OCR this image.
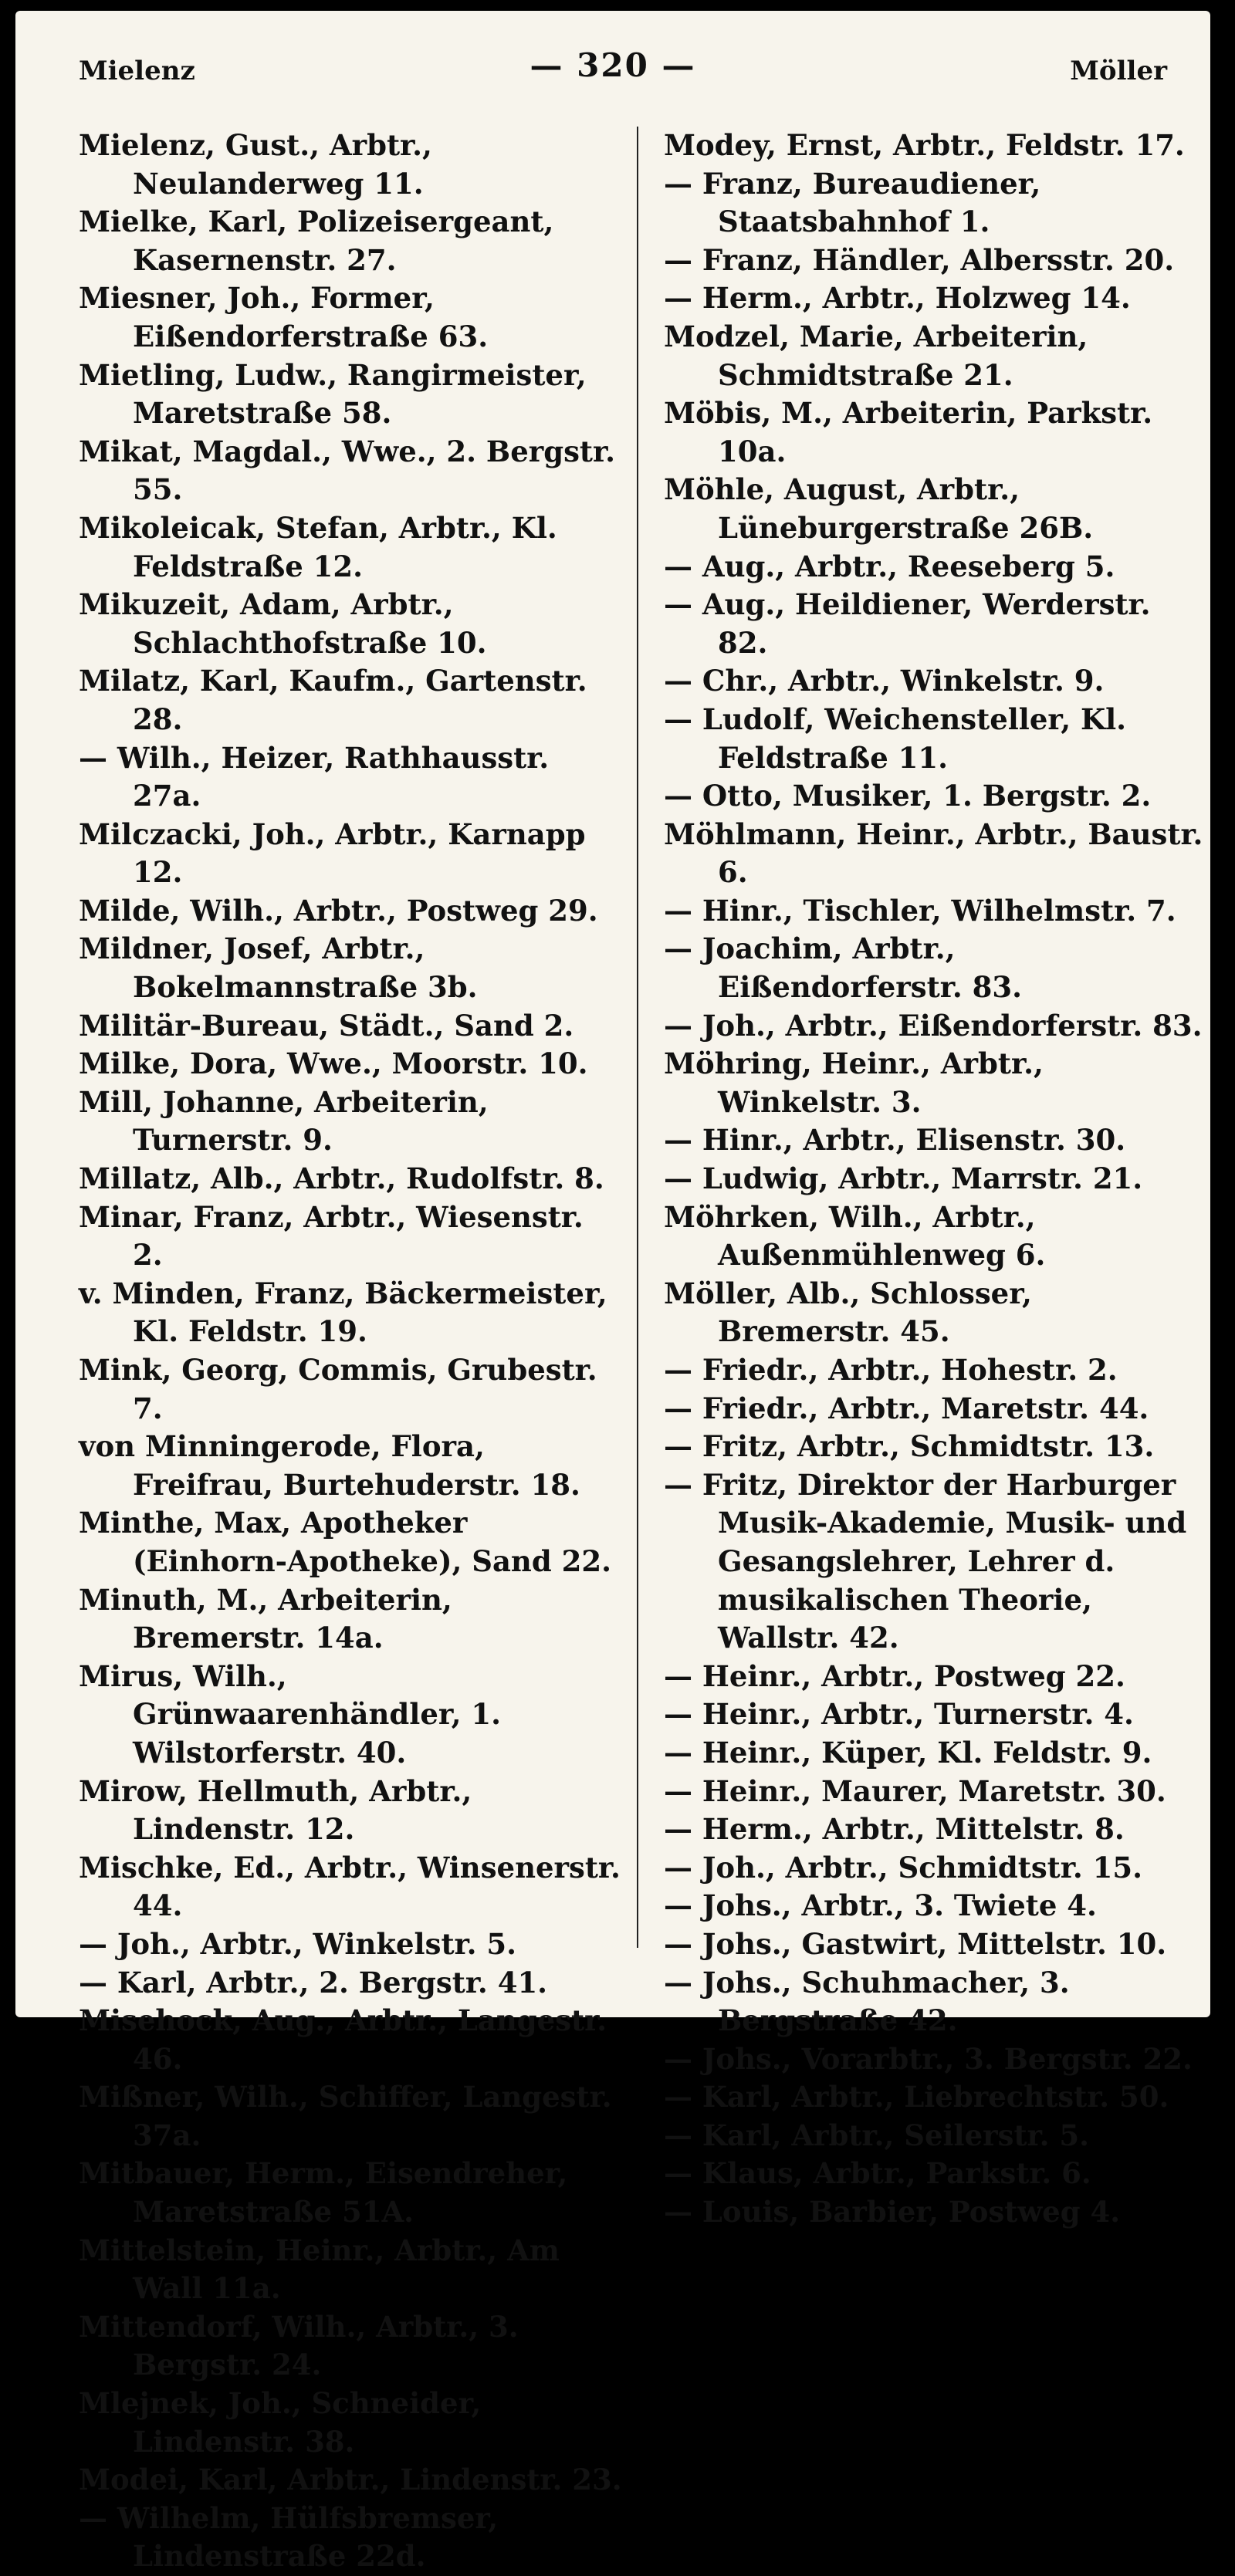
Mielenz	— 320 —	Möller

Mielenz, Gust., Arbtr., Neulanderweg 11.

Mielke, Karl, Polizeisergeant, Kasernenstr. 27.

Miesner, Joh., Former, Eißendorferstraße 63.

Mietling, Ludw., Rangirmeister, Maretstraße 58.

Mikat, Magdal., Wwe., 2. Bergstr. 55.

Mikoleicak, Stefan, Arbtr., Kl. Feldstraße 12.

Mikuzeit, Adam, Arbtr., Schlachthofstraße 10.

Milatz, Karl, Kaufm., Gartenstr. 28.

— Wilh., Heizer, Rathhausstr. 27a.

Milczacki, Joh., Arbtr., Karnapp 12.

Milde, Wilh., Arbtr., Postweg 29.

Mildner, Josef, Arbtr., Bokelmannstraße 3b.

Militär-Bureau, Städt., Sand 2.

Milke, Dora, Wwe., Moorstr. 10.

Mill, Johanne, Arbeiterin, Turnerstr. 9.

Millatz, Alb., Arbtr., Rudolfstr. 8.

Minar, Franz, Arbtr., Wiesenstr. 2.

v. Minden, Franz, Bäckermeister, Kl. Feldstr. 19.

Mink, Georg, Commis, Grubestr. 7.

von Minningerode, Flora, Freifrau, Burtehuderstr. 18.

Minthe, Max, Apotheker (Einhorn-Apotheke), Sand 22.

Minuth, M., Arbeiterin, Bremerstr. 14a.

Mirus, Wilh., Grünwaarenhändler, 1. Wilstorferstr. 40.

Mirow, Hellmuth, Arbtr., Lindenstr. 12.

Mischke, Ed., Arbtr., Winsenerstr. 44.

— Joh., Arbtr., Winkelstr. 5.

— Karl, Arbtr., 2. Bergstr. 41.

Misehock, Aug., Arbtr., Langestr. 46.

Mißner, Wilh., Schiffer, Langestr. 37a.

Mitbauer, Herm., Eisendreher, Maretstraße 51A.

Mittelstein, Heinr., Arbtr., Am Wall 11a.

Mittendorf, Wilh., Arbtr., 3. Bergstr. 24.

Mlejnek, Joh., Schneider, Lindenstr. 38.

Modei, Karl, Arbtr., Lindenstr. 23.

— Wilhelm, Hülfsbremser, Lindenstraße 22d.

Modey, Ernst, Arbtr., Feldstr. 17.

— Franz, Bureaudiener, Staatsbahnhof 1.

— Franz, Händler, Albersstr. 20.

— Herm., Arbtr., Holzweg 14.

Modzel, Marie, Arbeiterin, Schmidtstraße 21.

Möbis, M., Arbeiterin, Parkstr. 10a.

Möhle, August, Arbtr., Lüneburgerstraße 26B.

— Aug., Arbtr., Reeseberg 5.

— Aug., Heildiener, Werderstr. 82.

— Chr., Arbtr., Winkelstr. 9.

— Ludolf, Weichensteller, Kl. Feldstraße 11.

— Otto, Musiker, 1. Bergstr. 2.

Möhlmann, Heinr., Arbtr., Baustr. 6.

— Hinr., Tischler, Wilhelmstr. 7.

— Joachim, Arbtr., Eißendorferstr. 83.

— Joh., Arbtr., Eißendorferstr. 83.

Möhring, Heinr., Arbtr., Winkelstr. 3.

— Hinr., Arbtr., Elisenstr. 30.

— Ludwig, Arbtr., Marrstr. 21.

Möhrken, Wilh., Arbtr., Außenmühlenweg 6.

Möller, Alb., Schlosser, Bremerstr. 45.

— Friedr., Arbtr., Hohestr. 2.

— Friedr., Arbtr., Maretstr. 44.

— Fritz, Arbtr., Schmidtstr. 13.

— Fritz, Direktor der Harburger Musik-Akademie, Musik- und Gesangslehrer, Lehrer d. musikalischen Theorie, Wallstr. 42.

— Heinr., Arbtr., Postweg 22.

— Heinr., Arbtr., Turnerstr. 4.

— Heinr., Küper, Kl. Feldstr. 9.

— Heinr., Maurer, Maretstr. 30.

— Herm., Arbtr., Mittelstr. 8.

— Joh., Arbtr., Schmidtstr. 15.

— Johs., Arbtr., 3. Twiete 4.

— Johs., Gastwirt, Mittelstr. 10.

— Johs., Schuhmacher, 3. Bergstraße 42.

— Johs., Vorarbtr., 3. Bergstr. 22.

— Karl, Arbtr., Liebrechtstr. 50.

— Karl, Arbtr., Seilerstr. 5.

— Klaus, Arbtr., Parkstr. 6.

— Louis, Barbier, Postweg 4.
